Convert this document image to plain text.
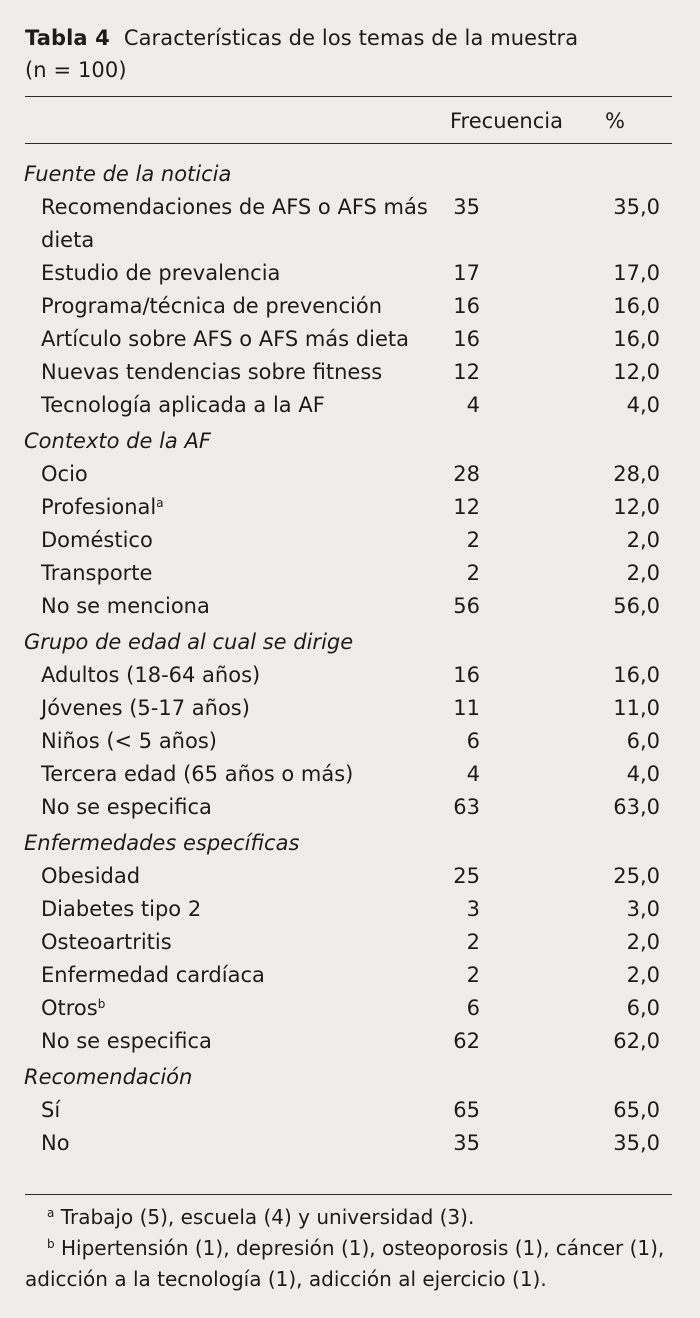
Tabla 4 Características de los temas de la muestra
(n = 100)
Frecuencia %
Fuente de la noticia
Recomendaciones de AFS o AFS más 35	35,0
dieta
Estudio de prevalencia	17	17,0
Programa/técnica de prevención	16	16,0
Artículo sobre AFS o AFS más dieta 16	16,0
Nuevas tendencias sobre fitness	12	12,0
Tecnología aplicada a la AF	4	4,0
Contexto de la AF
Ocio	28	28,0
Profesional$^a$	12	12,0
Doméstico	2	2,0
Transporte	2	2,0
No se menciona	56	56,0
Grupo de edad al cual se dirige
Adultos (18-64 años)	16	16,0
Jóvenes (5-17 años)	11	11,0
Niños (< 5 años)	6	6,0
Tercera edad (65 años o más)	4	4,0
No se especifica	63	63,0
Enfermedades específicas
Obesidad	25	25,0
Diabetes tipo 2	3	3,0
Osteoartritis	2	2,0
Enfermedad cardíaca	2	2,0
Otros$^b$	6	6,0
No se especifica	62	62,0
Recomendación
Sí	65	65,0
No	35	35,0
$^a$ Trabajo (5), escuela (4) y universidad (3).
$^b$ Hipertensión (1), depresión (1), osteoporosis (1), cáncer (1), adicción a la tecnología (1), adicción al ejercicio (1).
